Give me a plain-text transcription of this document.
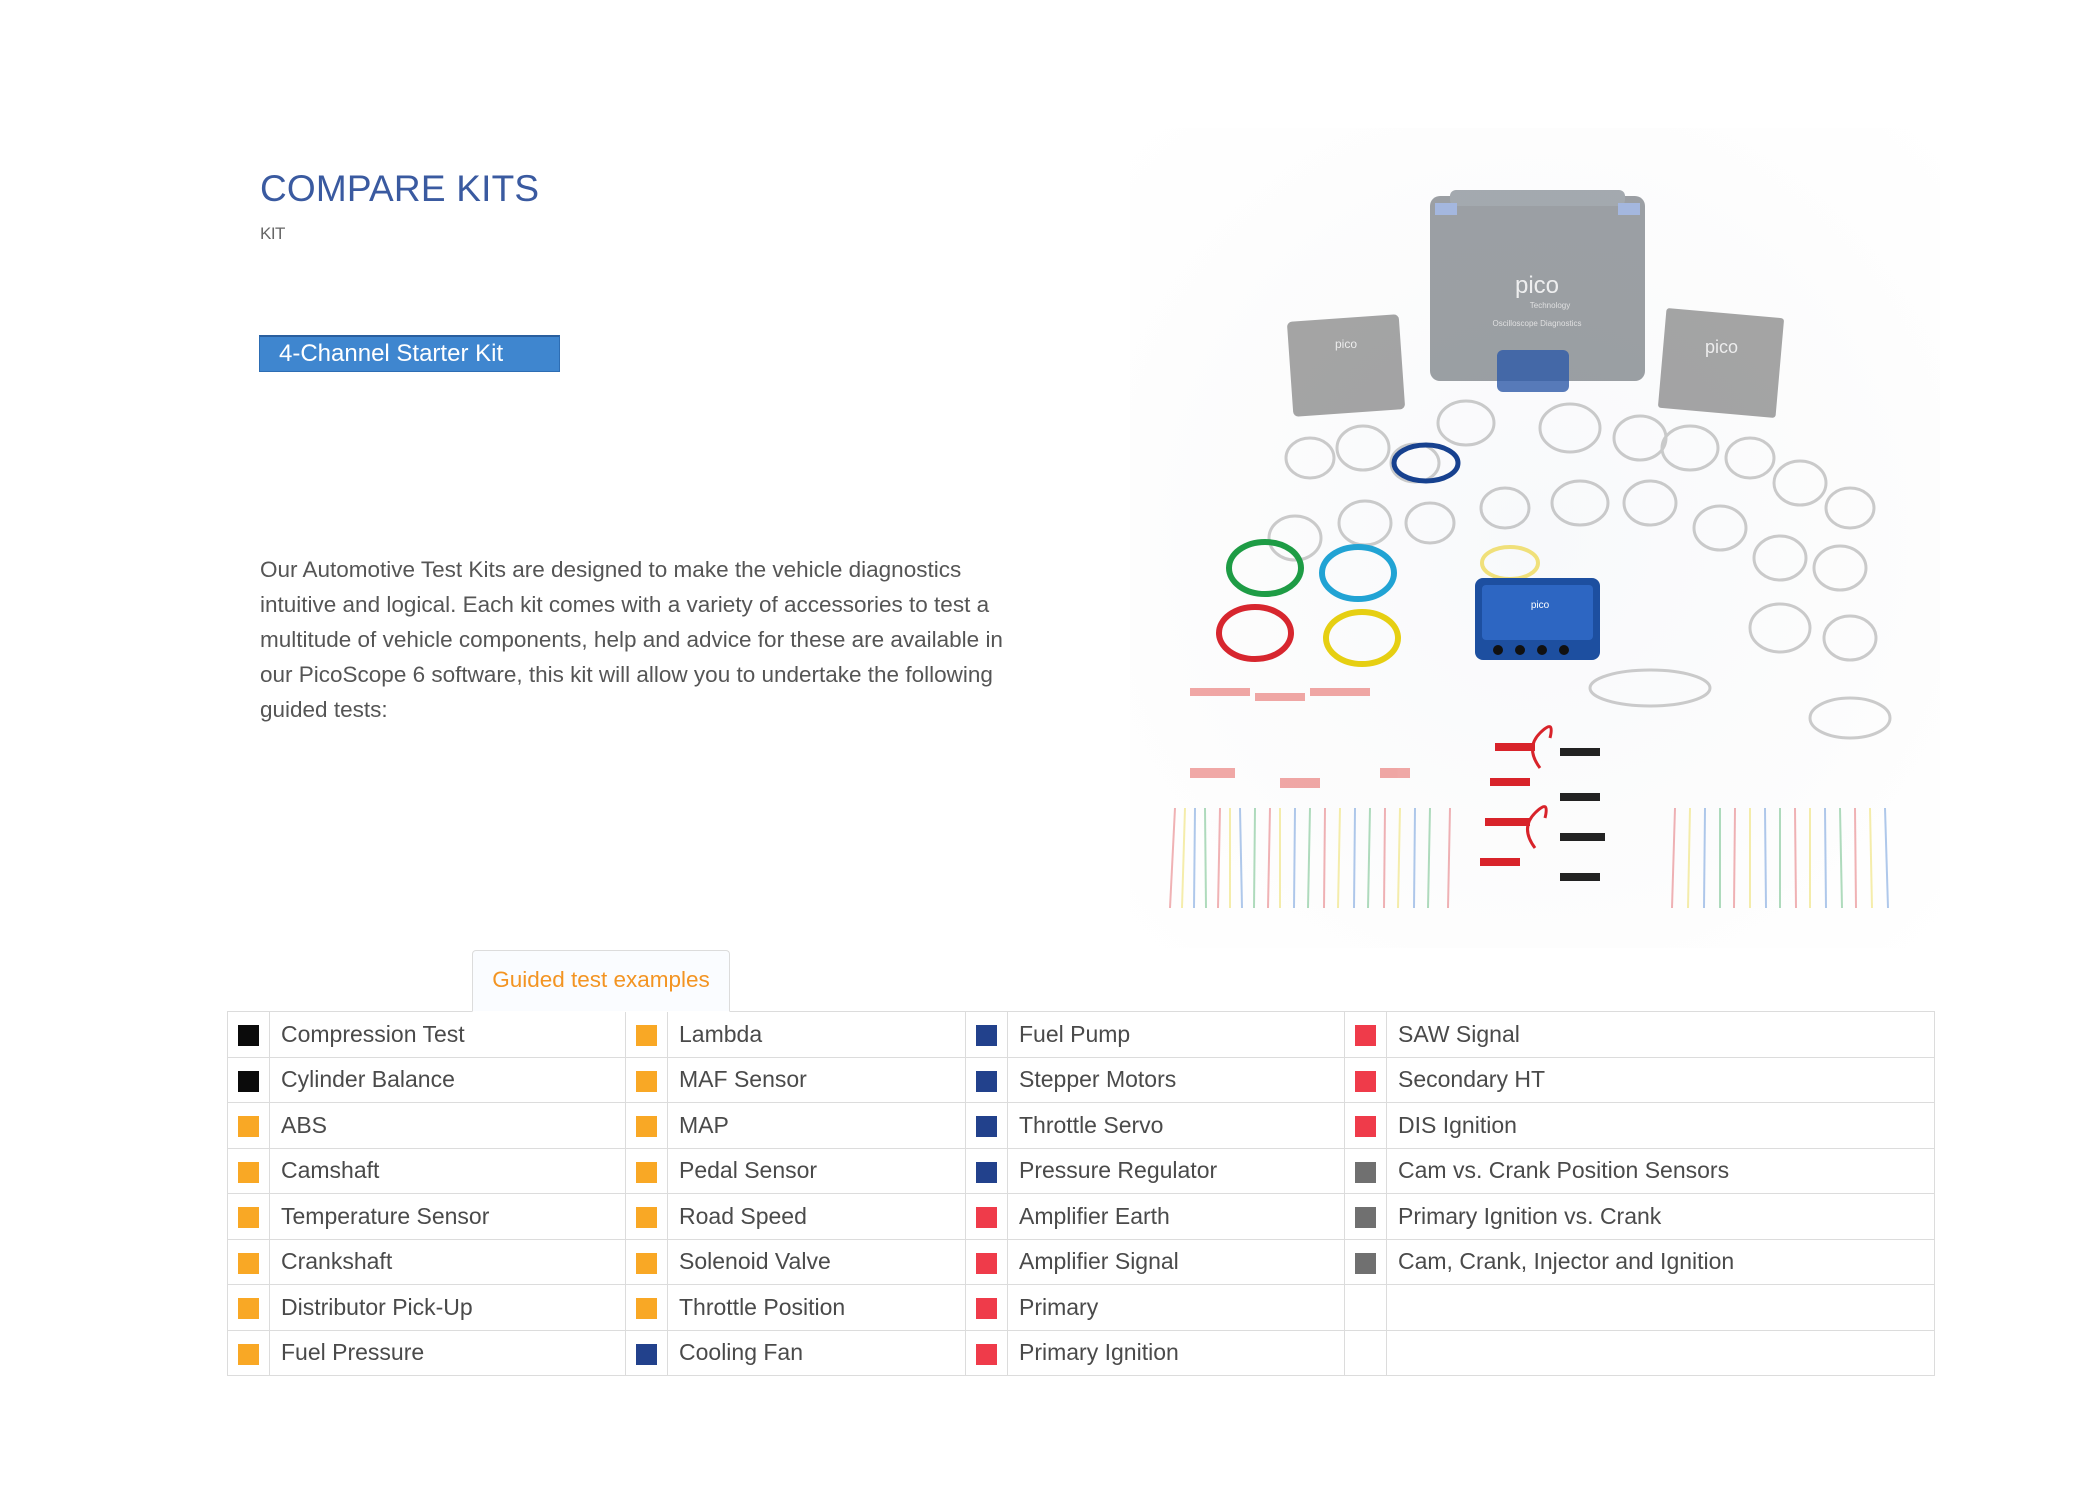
COMPARE KITS
KIT
4-Channel Starter Kit

Our Automotive Test Kits are designed to make the vehicle diagnostics intuitive and logical. Each kit comes with a variety of accessories to test a multitude of vehicle components, help and advice for these are available in our PicoScope 6 software, this kit will allow you to undertake the following guided tests:

pico
Technology
Oscilloscope Diagnostics
pico	pico
pico
Guided test examples
	Compression Test		Lambda		Fuel Pump		SAW Signal
	Cylinder Balance		MAF Sensor		Stepper Motors		Secondary HT
	ABS		MAP		Throttle Servo		DIS Ignition
	Camshaft		Pedal Sensor		Pressure Regulator		Cam vs. Crank Position Sensors
	Temperature Sensor		Road Speed		Amplifier Earth		Primary Ignition vs. Crank
	Crankshaft		Solenoid Valve		Amplifier Signal		Cam, Crank, Injector and Ignition
	Distributor Pick-Up		Throttle Position		Primary		
	Fuel Pressure		Cooling Fan		Primary Ignition		
